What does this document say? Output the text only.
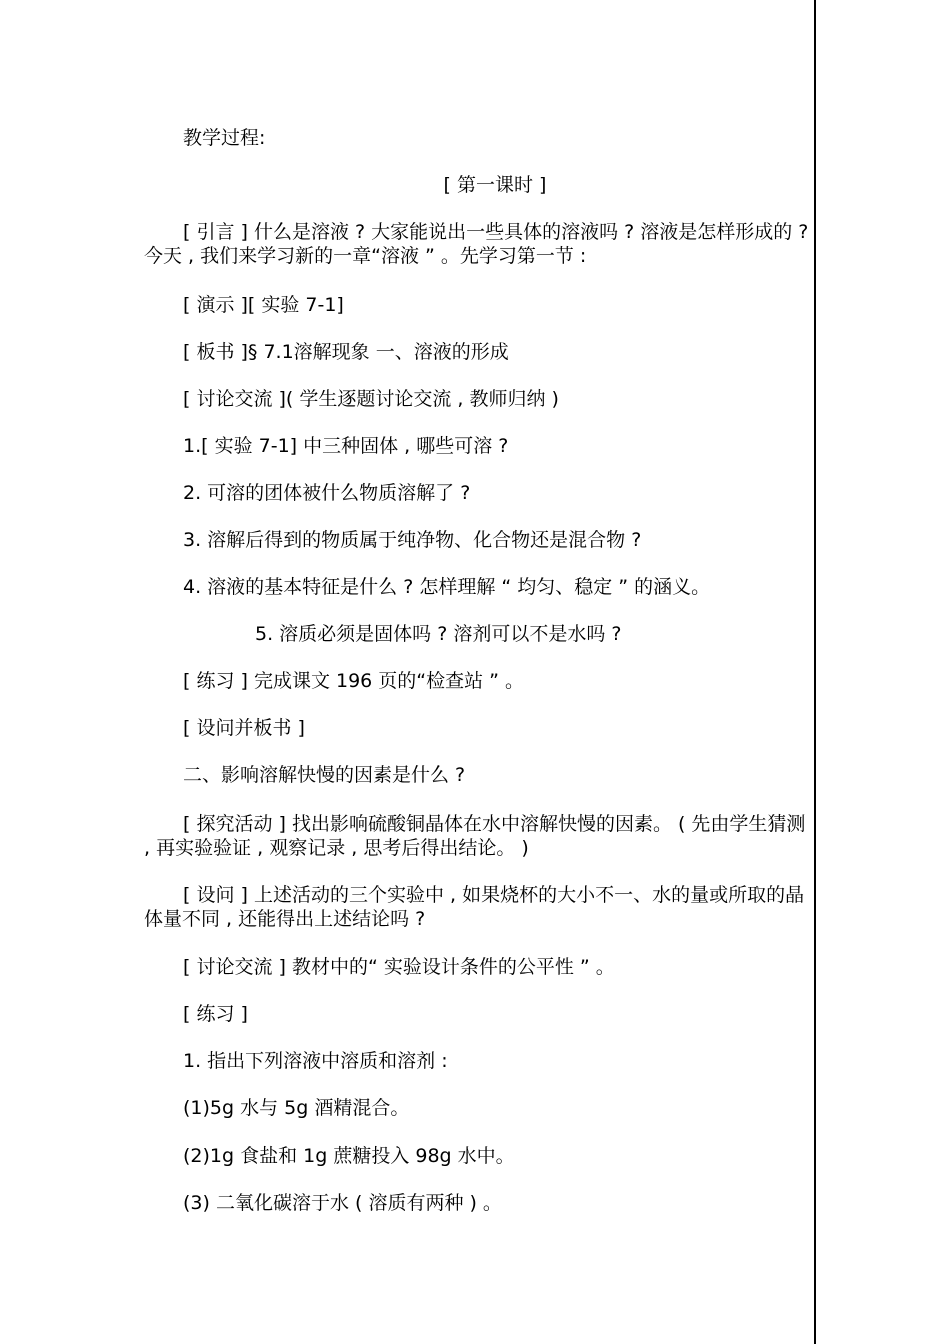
教学过程:
[ 第一课时 ]
[ 引言 ] 什么是溶液 ? 大家能说出一些具体的溶液吗 ? 溶液是怎样形成的 ? 今天 , 我们来学习新的一章“溶液 ” 。先学习第一节 :
[ 演示 ][ 实验 7-1]
[ 板书 ]§ 7.1溶解现象 一、溶液的形成
[ 讨论交流 ]( 学生逐题讨论交流 , 教师归纳 )
1.[ 实验 7-1] 中三种固体 , 哪些可溶 ?
2. 可溶的团体被什么物质溶解了 ?
3. 溶解后得到的物质属于纯净物、化合物还是混合物 ?
4. 溶液的基本特征是什么 ? 怎样理解 “ 均匀、稳定 ” 的涵义。
5. 溶质必须是固体吗 ? 溶剂可以不是水吗 ?
[ 练习 ] 完成课文 196 页的“检查站 ” 。
[ 设问并板书 ]
二、影响溶解快慢的因素是什么 ?
[ 探究活动 ] 找出影响硫酸铜晶体在水中溶解快慢的因素。 ( 先由学生猜测 , 再实验验证 , 观察记录 , 思考后得出结论。 )
[ 设问 ] 上述活动的三个实验中 , 如果烧杯的大小不一、水的量或所取的晶体量不同 , 还能得出上述结论吗 ?
[ 讨论交流 ] 教材中的“ 实验设计条件的公平性 ” 。
[ 练习 ]
1. 指出下列溶液中溶质和溶剂 :
(1)5g 水与 5g 酒精混合。
(2)1g 食盐和 1g 蔗糖投入 98g 水中。
(3) 二氧化碳溶于水 ( 溶质有两种 ) 。
